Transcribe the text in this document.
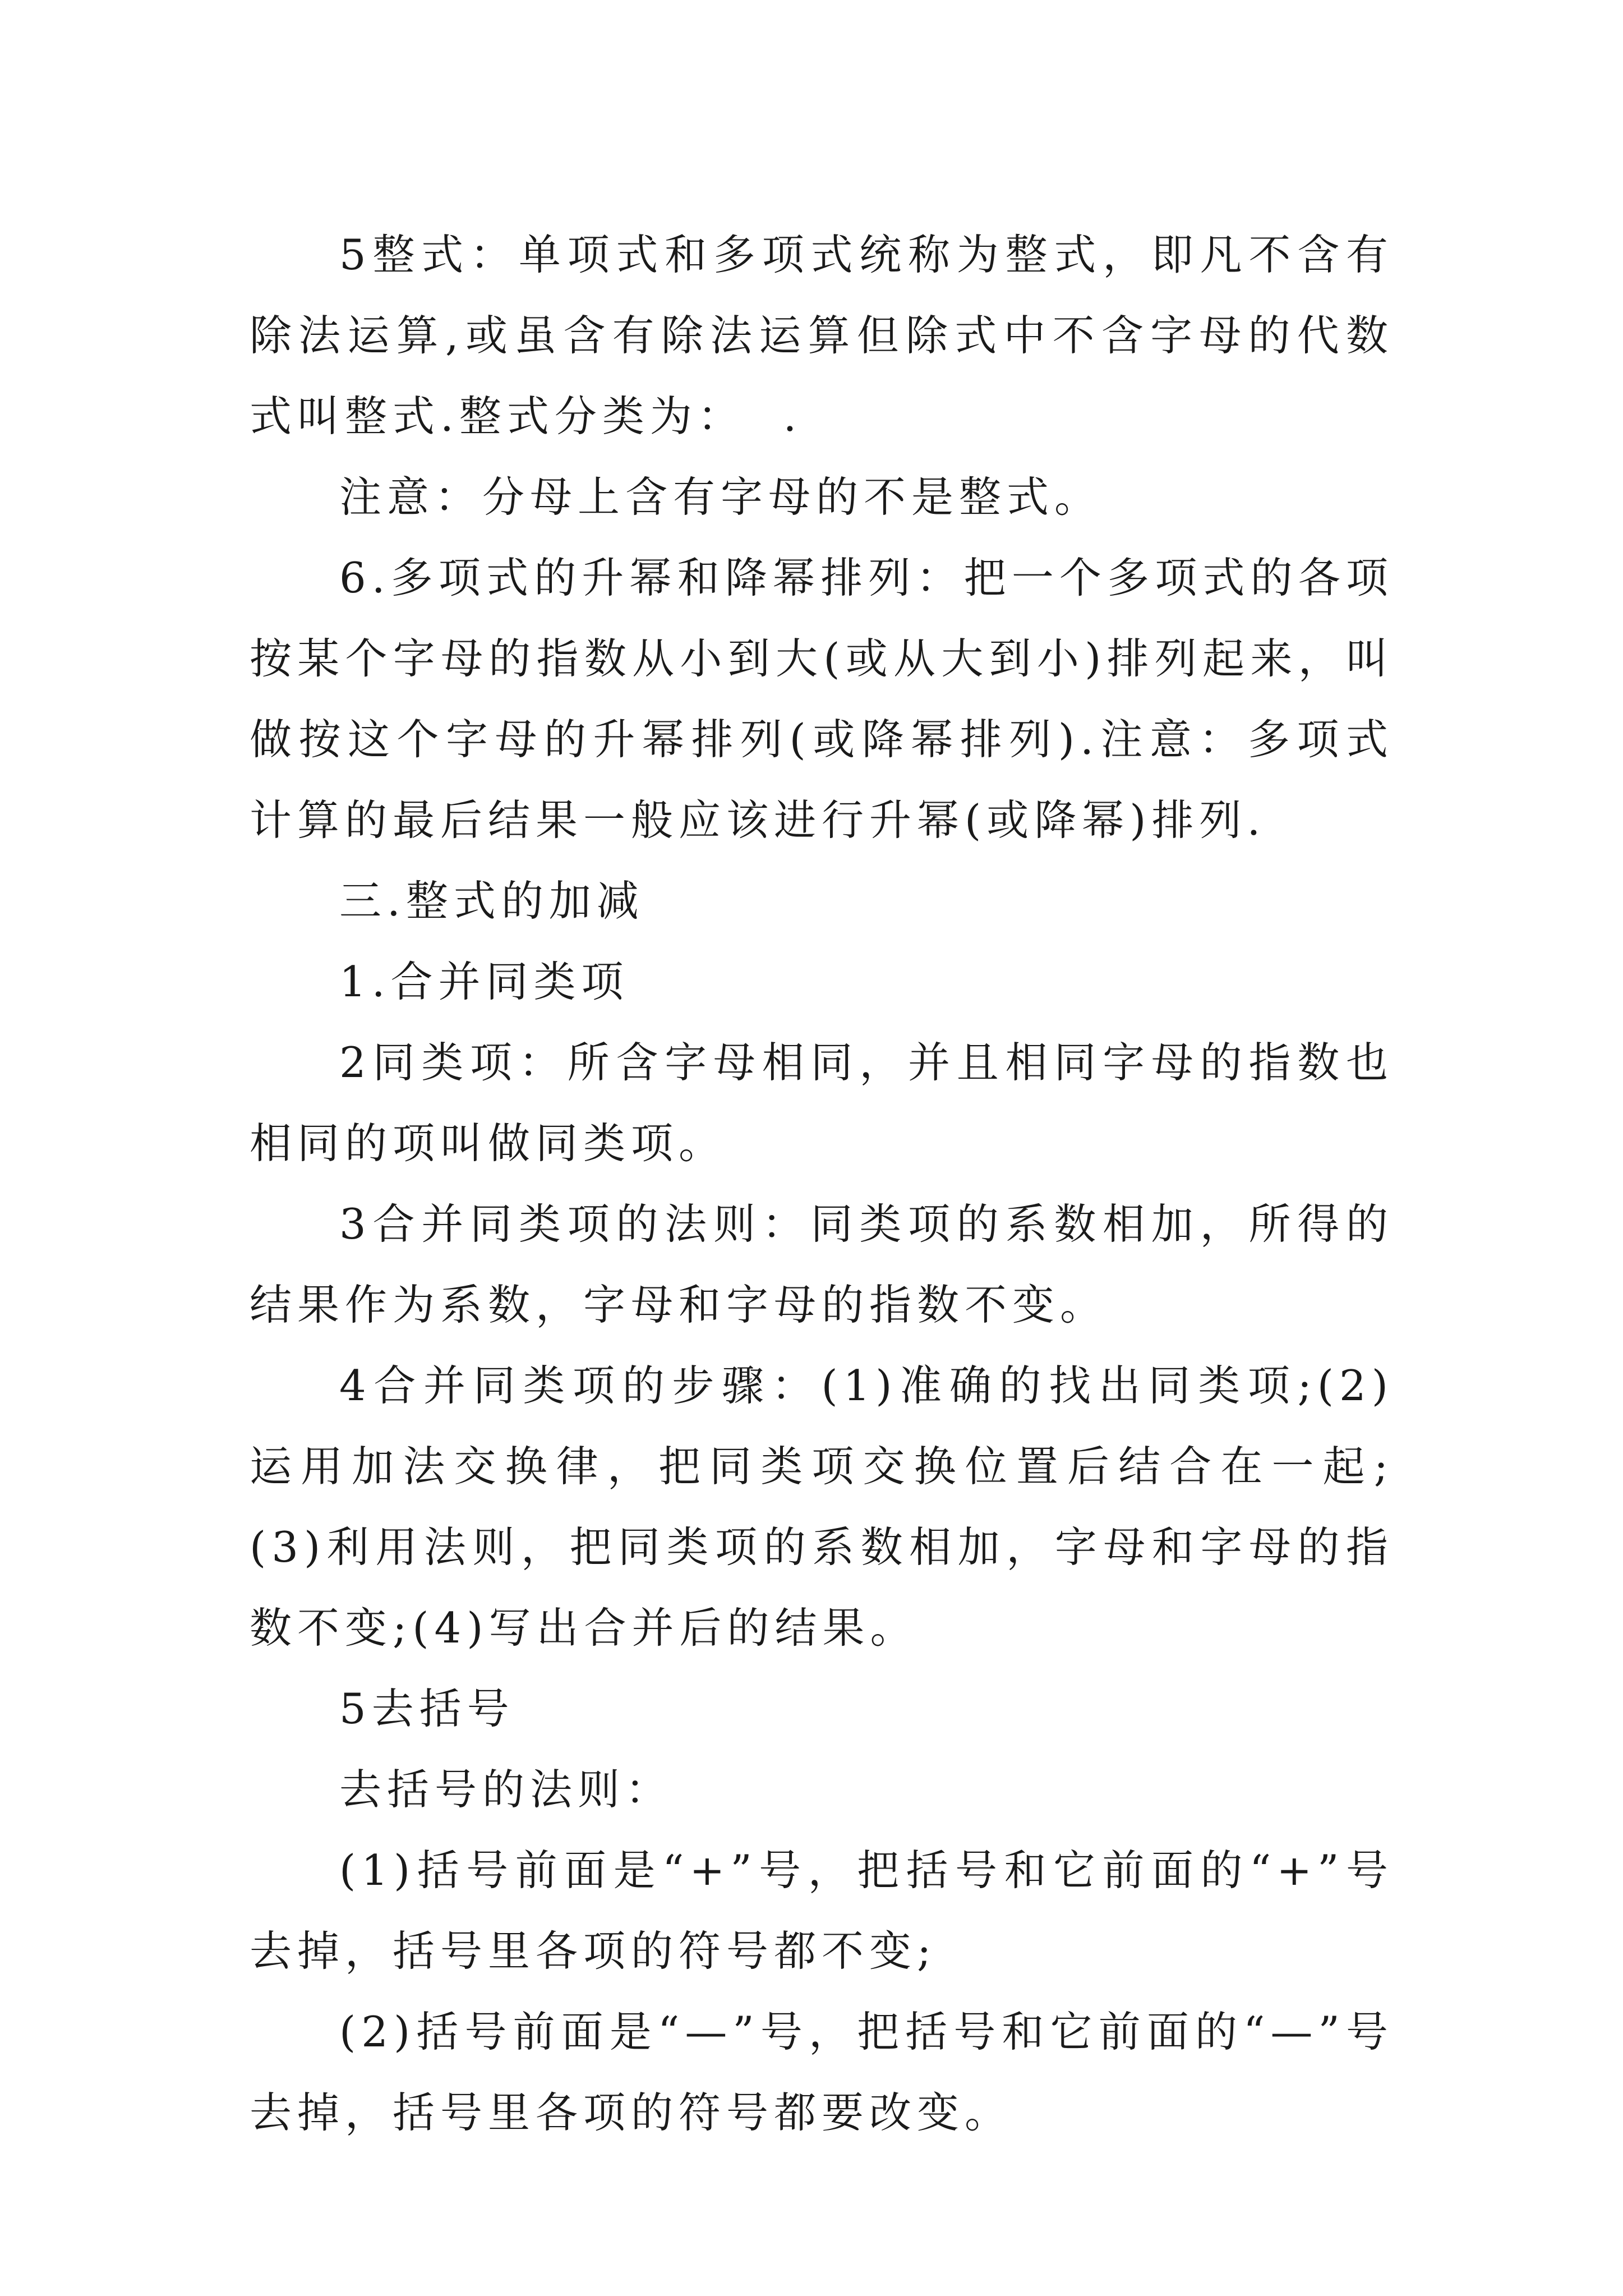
5整式：单项式和多项式统称为整式，即凡不含有除法运算,或虽含有除法运算但除式中不含字母的代数式叫整式.整式分类为：  .

注意：分母上含有字母的不是整式。

6.多项式的升幂和降幂排列：把一个多项式的各项按某个字母的指数从小到大(或从大到小)排列起来，叫做按这个字母的升幂排列(或降幂排列).注意：多项式计算的最后结果一般应该进行升幂(或降幂)排列.

三.整式的加减

1.合并同类项

2同类项：所含字母相同，并且相同字母的指数也相同的项叫做同类项。

3合并同类项的法则：同类项的系数相加，所得的结果作为系数，字母和字母的指数不变。

4合并同类项的步骤：(1)准确的找出同类项;(2)运用加法交换律，把同类项交换位置后结合在一起;(3)利用法则，把同类项的系数相加，字母和字母的指数不变;(4)写出合并后的结果。

5去括号

去括号的法则：

(1)括号前面是“+”号，把括号和它前面的“+”号去掉，括号里各项的符号都不变;

(2)括号前面是“—”号，把括号和它前面的“—”号去掉，括号里各项的符号都要改变。
